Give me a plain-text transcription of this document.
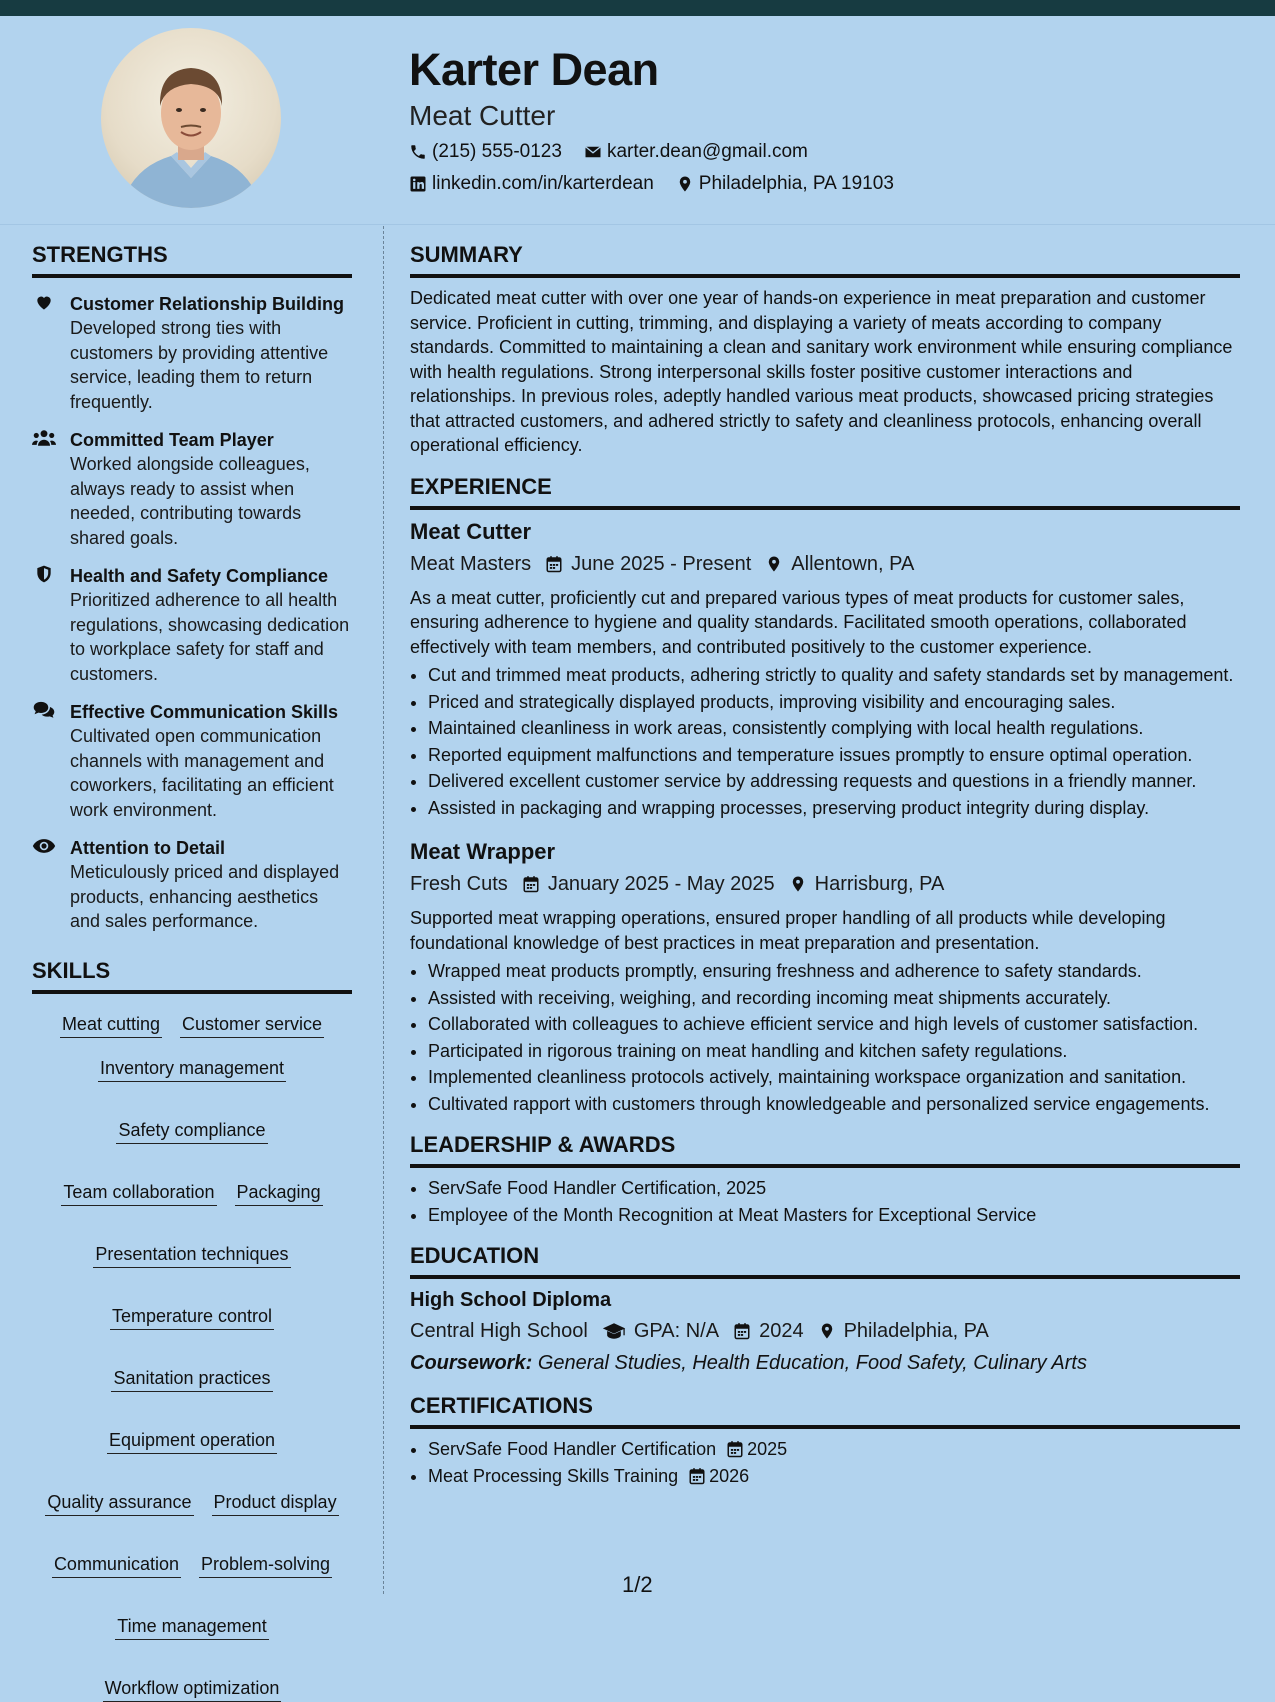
Karter Dean
Meat Cutter
(215) 555-0123 karter.dean@gmail.com
linkedin.com/in/karterdean Philadelphia, PA 19103
STRENGTHS
Customer Relationship Building
Developed strong ties with customers by providing attentive service, leading them to return frequently.
Committed Team Player
Worked alongside colleagues, always ready to assist when needed, contributing towards shared goals.
Health and Safety Compliance
Prioritized adherence to all health regulations, showcasing dedication to workplace safety for staff and customers.
Effective Communication Skills
Cultivated open communication channels with management and coworkers, facilitating an efficient work environment.
Attention to Detail
Meticulously priced and displayed products, enhancing aesthetics and sales performance.
SKILLS
Meat cutting Customer service
Inventory management
Safety compliance
Team collaboration Packaging
Presentation techniques
Temperature control
Sanitation practices
Equipment operation
Quality assurance Product display
Communication Problem-solving
Time management
Workflow optimization
SUMMARY

Dedicated meat cutter with over one year of hands-on experience in meat preparation and customer service. Proficient in cutting, trimming, and displaying a variety of meats according to company standards. Committed to maintaining a clean and sanitary work environment while ensuring compliance with health regulations. Strong interpersonal skills foster positive customer interactions and relationships. In previous roles, adeptly handled various meat products, showcased pricing strategies that attracted customers, and adhered strictly to safety and cleanliness protocols, enhancing overall operational efficiency.

EXPERIENCE
Meat Cutter
Meat Masters June 2025 - Present Allentown, PA

As a meat cutter, proficiently cut and prepared various types of meat products for customer sales, ensuring adherence to hygiene and quality standards. Facilitated smooth operations, collaborated effectively with team members, and contributed positively to the customer experience.

• Cut and trimmed meat products, adhering strictly to quality and safety standards set by management.
• Priced and strategically displayed products, improving visibility and encouraging sales.
• Maintained cleanliness in work areas, consistently complying with local health regulations.
• Reported equipment malfunctions and temperature issues promptly to ensure optimal operation.
• Delivered excellent customer service by addressing requests and questions in a friendly manner.
• Assisted in packaging and wrapping processes, preserving product integrity during display.
Meat Wrapper
Fresh Cuts January 2025 - May 2025 Harrisburg, PA

Supported meat wrapping operations, ensured proper handling of all products while developing foundational knowledge of best practices in meat preparation and presentation.

• Wrapped meat products promptly, ensuring freshness and adherence to safety standards.
• Assisted with receiving, weighing, and recording incoming meat shipments accurately.
• Collaborated with colleagues to achieve efficient service and high levels of customer satisfaction.
• Participated in rigorous training on meat handling and kitchen safety regulations.
• Implemented cleanliness protocols actively, maintaining workspace organization and sanitation.
• Cultivated rapport with customers through knowledgeable and personalized service engagements.
LEADERSHIP & AWARDS
• ServSafe Food Handler Certification, 2025
• Employee of the Month Recognition at Meat Masters for Exceptional Service
EDUCATION
High School Diploma
Central High School GPA: N/A 2024 Philadelphia, PA
Coursework: General Studies, Health Education, Food Safety, Culinary Arts
CERTIFICATIONS
• ServSafe Food Handler Certification 2025
• Meat Processing Skills Training 2026
1/2
